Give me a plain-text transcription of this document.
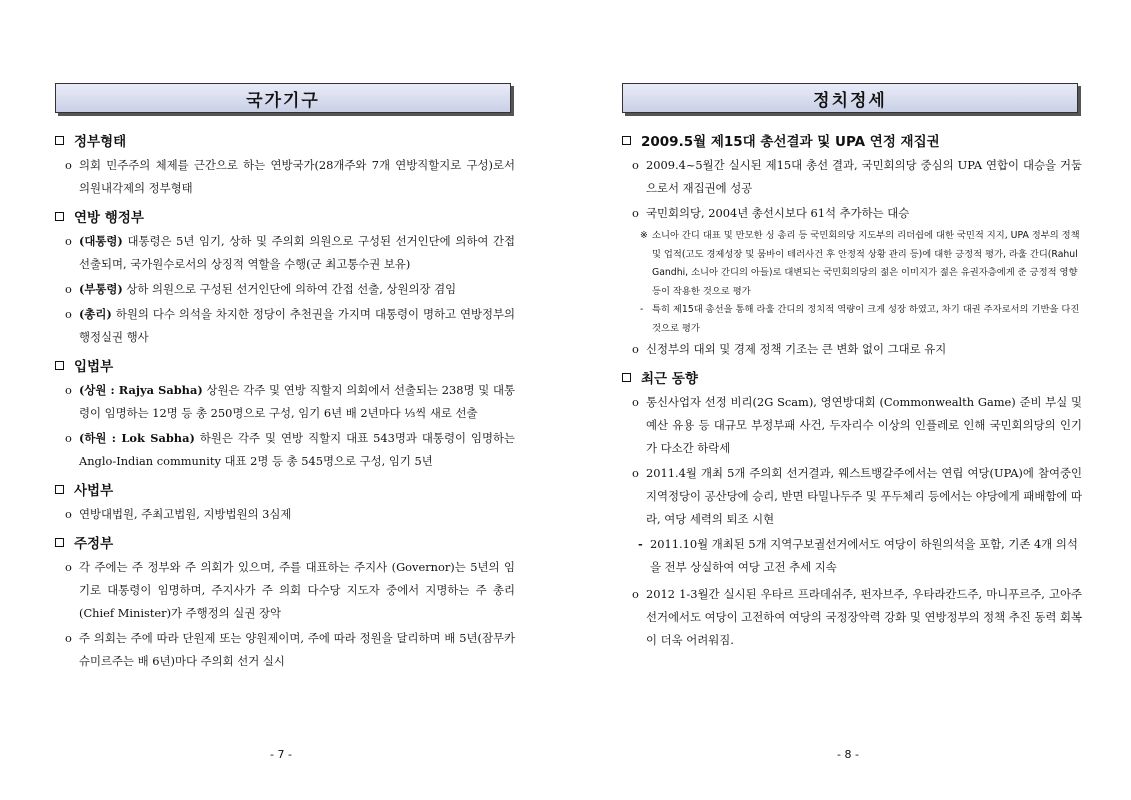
국가기구
정부형태
o 의회 민주주의 체제를 근간으로 하는 연방국가(28개주와 7개 연방직할지로 구성)로서 의원내각제의 정부형태
연방 행정부
o (대통령) 대통령은 5년 임기, 상하 및 주의회 의원으로 구성된 선거인단에 의하여 간접 선출되며, 국가원수로서의 상징적 역할을 수행(군 최고통수권 보유)
o (부통령) 상하 의원으로 구성된 선거인단에 의하여 간접 선출, 상원의장 겸임
o (총리) 하원의 다수 의석을 차지한 정당이 추천권을 가지며 대통령이 명하고 연방정부의 행정실권 행사
입법부
o (상원 : Rajya Sabha) 상원은 각주 및 연방 직할지 의회에서 선출되는 238명 및 대통령이 임명하는 12명 등 총 250명으로 구성, 임기 6년 배 2년마다 ⅓씩 새로 선출
o (하원 : Lok Sabha) 하원은 각주 및 연방 직할지 대표 543명과 대통령이 임명하는 Anglo-Indian community 대표 2명 등 총 545명으로 구성, 임기 5년
사법부
o 연방대법원, 주최고법원, 지방법원의 3심제
주정부
o 각 주에는 주 정부와 주 의회가 있으며, 주를 대표하는 주지사 (Governor)는 5년의 임기로 대통령이 임명하며, 주지사가 주 의회 다수당 지도자 중에서 지명하는 주 총리(Chief Minister)가 주행정의 실권 장악
o 주 의회는 주에 따라 단원제 또는 양원제이며, 주에 따라 정원을 달리하며 배 5년(잠무카슈미르주는 배 6년)마다 주의회 선거 실시
- 7 -
정치정세
2009.5월 제15대 총선결과 및 UPA 연정 재집권
o 2009.4~5월간 실시된 제15대 총선 결과, 국민회의당 중심의 UPA 연합이 대승을 거둠으로서 재집권에 성공
o 국민회의당, 2004년 총선시보다 61석 추가하는 대승
※ 소니아 간디 대표 및 만모한 싱 총리 등 국민회의당 지도부의 리더쉽에 대한 국민적 지지, UPA 정부의 정책 및 업적(고도 경제성장 및 뭄바이 테러사건 후 안정적 상황 관리 등)에 대한 긍정적 평가, 라훌 간디(Rahul Gandhi, 소니아 간디의 아들)로 대변되는 국민회의당의 젊은 이미지가 젊은 유권자층에게 준 긍정적 영향 등이 작용한 것으로 평가
- 특히 제15대 총선을 통해 라훌 간디의 정치적 역량이 크게 성장 하였고, 차기 대권 주자로서의 기반을 다진 것으로 평가
o 신정부의 대외 및 경제 정책 기조는 큰 변화 없이 그대로 유지
최근 동향
o 통신사업자 선정 비리(2G Scam), 영연방대회 (Commonwealth Game) 준비 부실 및 예산 유용 등 대규모 부정부패 사건, 두자리수 이상의 인플레로 인해 국민회의당의 인기가 다소간 하락세
o 2011.4월 개최 5개 주의회 선거결과, 웨스트뱅갈주에서는 연립 여당(UPA)에 참여중인 지역정당이 공산당에 승리, 반면 타밀나두주 및 푸두체리 등에서는 야당에게 패배함에 따라, 여당 세력의 퇴조 시현
- 2011.10월 개최된 5개 지역구보궐선거에서도 여당이 하원의석을 포함, 기존 4개 의석을 전부 상실하여 여당 고전 추세 지속
o 2012 1-3월간 실시된 우타르 프라데쉬주, 펀자브주, 우타라칸드주, 마니푸르주, 고아주 선거에서도 여당이 고전하여 여당의 국정장악력 강화 및 연방정부의 정책 추진 동력 회복이 더욱 어려워짐.
- 8 -
